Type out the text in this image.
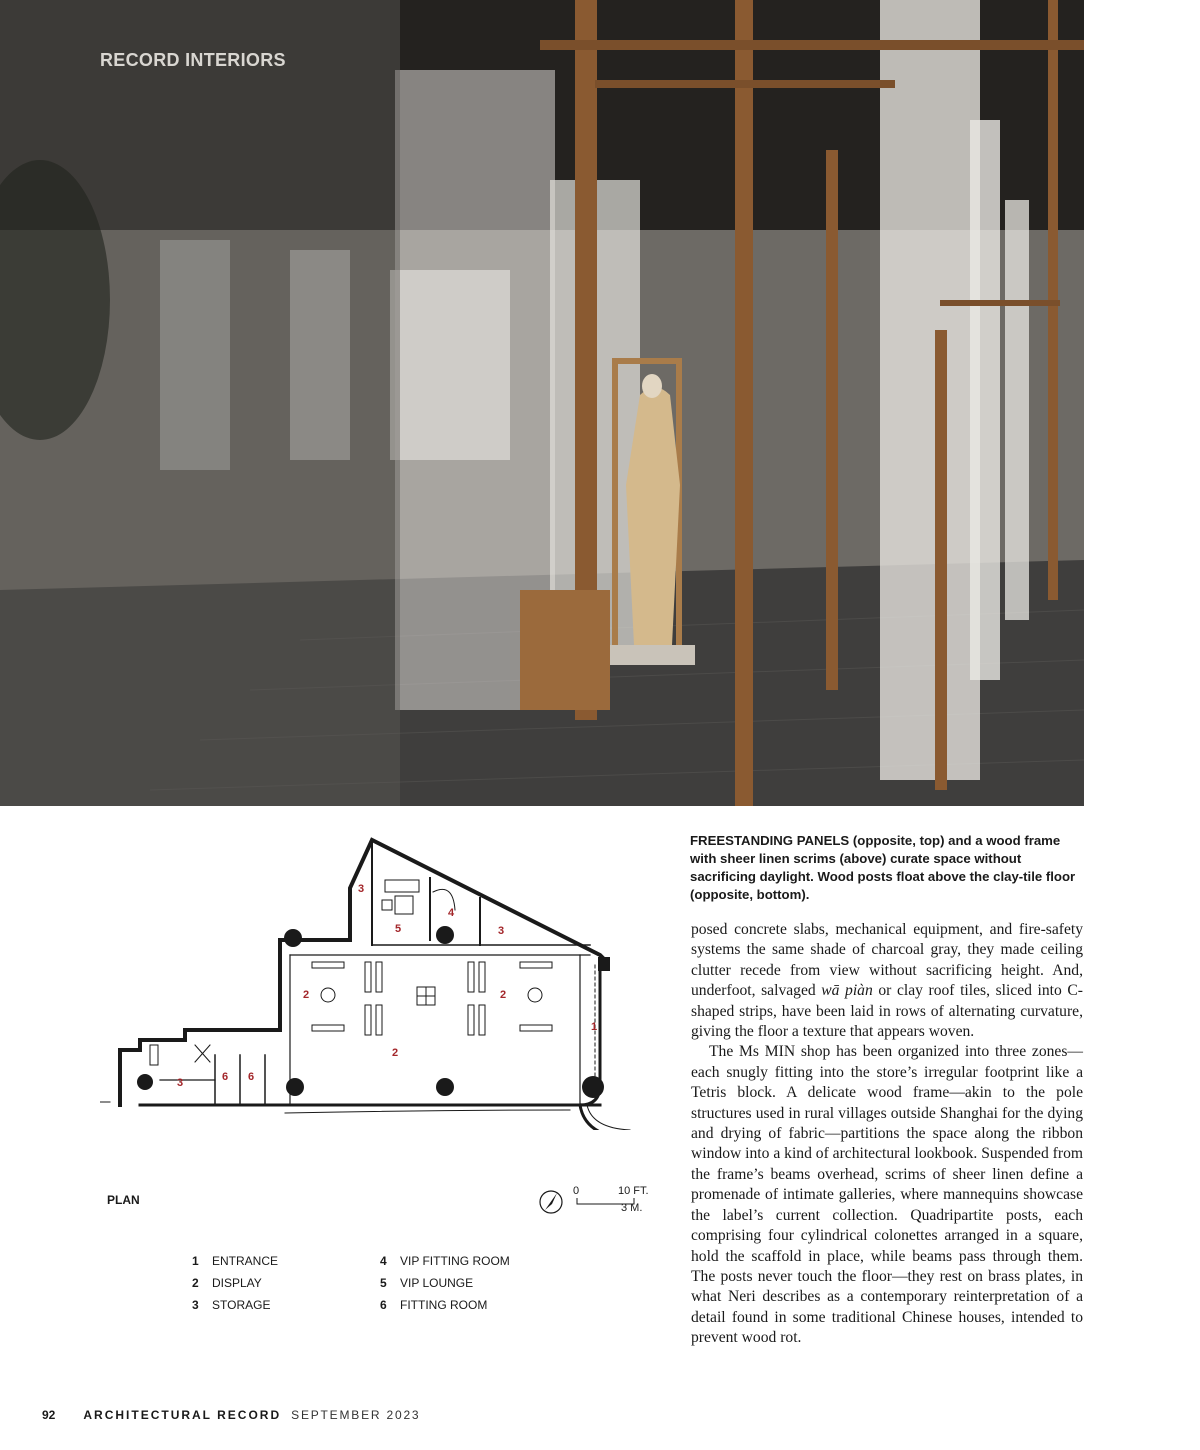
RECORD INTERIORS
3
5
4
3
2	2
1
2
3	6 6
PLAN
0	10 FT.
3 M.
1 ENTRANCE
2 DISPLAY
3 STORAGE
4 VIP FITTING ROOM
5 VIP LOUNGE
6 FITTING ROOM
FREESTANDING PANELS (opposite, top) and a wood frame with sheer linen scrims (above) curate space without sacrificing daylight. Wood posts float above the clay-tile floor (opposite, bottom).

posed concrete slabs, mechanical equipment, and fire-safety systems the same shade of charcoal gray, they made ceiling clutter recede from view without sacrificing height. And, underfoot, salvaged wā piàn or clay roof tiles, sliced into C-shaped strips, have been laid in rows of alternating curvature, giving the floor a texture that appears woven.

The Ms MIN shop has been organized into three zones—each snugly fitting into the store’s irregular footprint like a Tetris block. A delicate wood frame—akin to the pole structures used in rural villages outside Shanghai for the dying and drying of fabric—partitions the space along the ribbon window into a kind of architectural lookbook. Suspended from the frame’s beams overhead, scrims of sheer linen define a promenade of intimate galleries, where mannequins showcase the label’s current collection. Quadripartite posts, each comprising four cylindrical colonettes arranged in a square, hold the scaffold in place, while beams pass through them. The posts never touch the floor—they rest on brass plates, in what Neri describes as a contemporary reinterpretation of a detail found in some traditional Chinese houses, intended to prevent wood rot.

92 ARCHITECTURAL RECORD SEPTEMBER 2023
